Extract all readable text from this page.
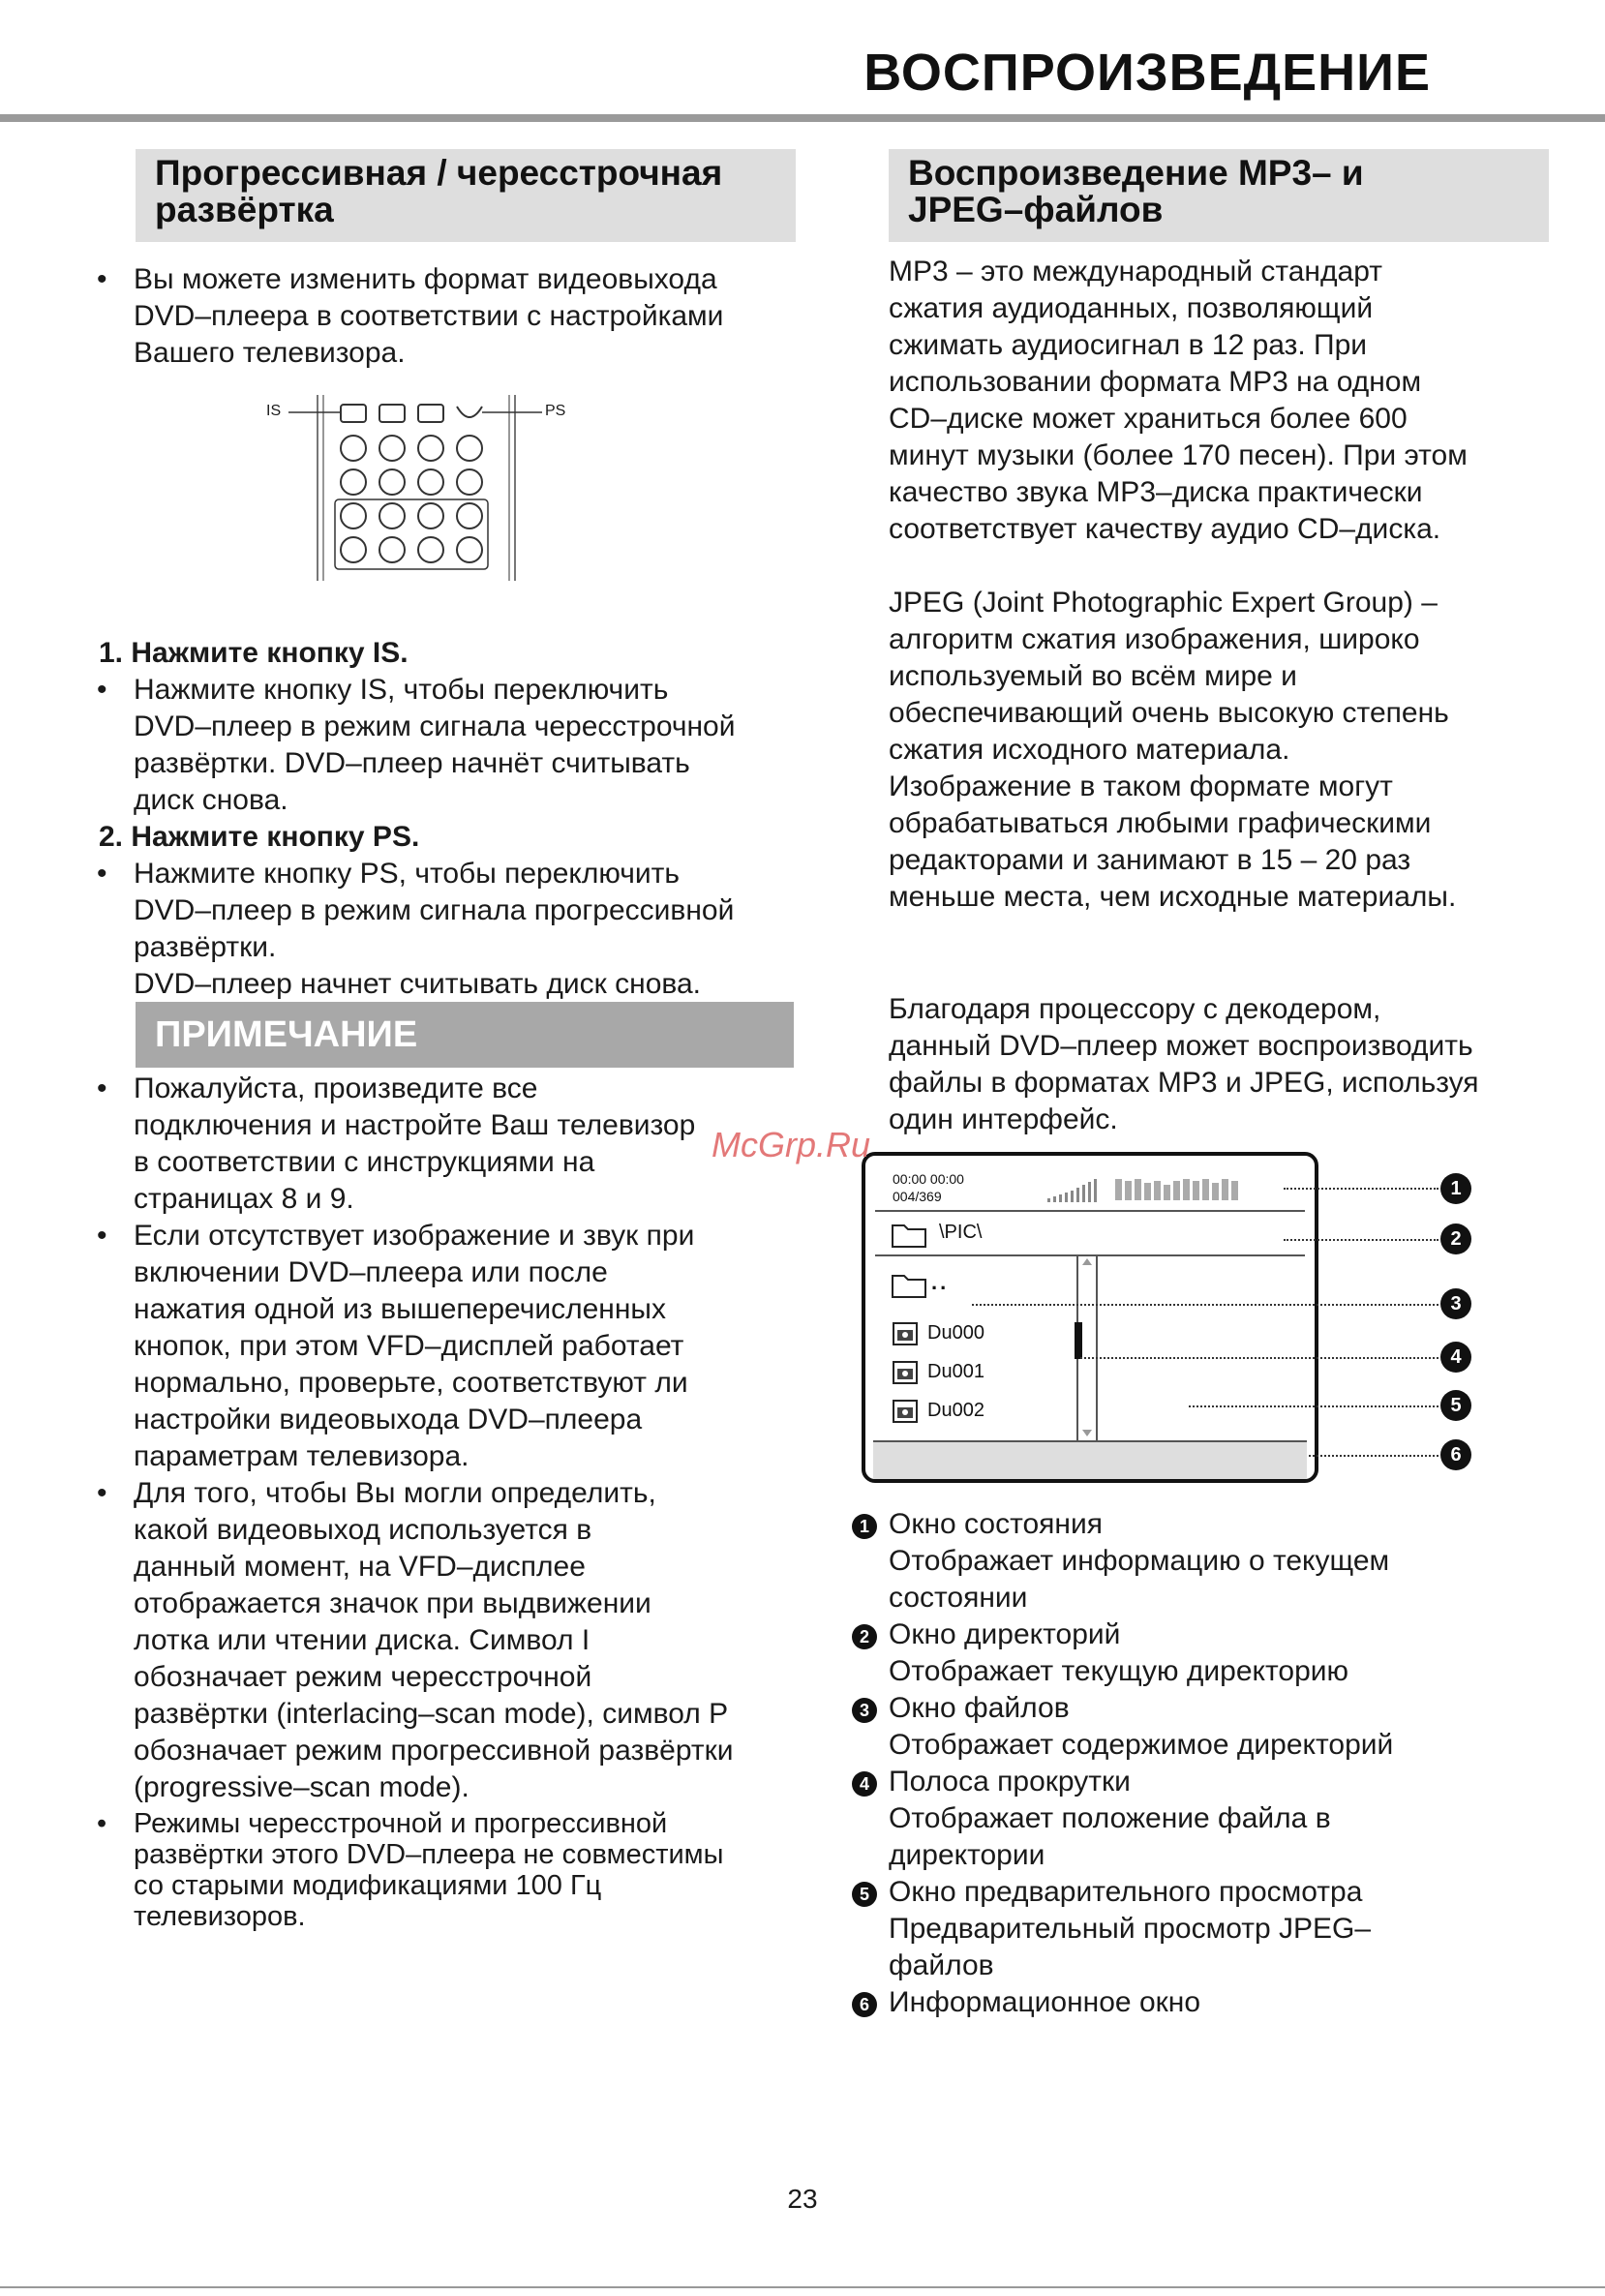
ВОСПРОИЗВЕДЕНИЕ
Прогрессивная / чересстрочная
развёртка
• Вы можете изменить формат видеовыхода
DVD–плеера в соответствии с настройками
Вашего телевизора.
IS	PS
1. Нажмите кнопку IS.
• Нажмите кнопку IS, чтобы переключить
DVD–плеер в режим сигнала чересстрочной
развёртки. DVD–плеер начнёт считывать
диск снова.
2. Нажмите кнопку PS.
• Нажмите кнопку PS, чтобы переключить
DVD–плеер в режим сигнала прогрессивной
развёртки.
DVD–плеер начнет считывать диск снова.
ПРИМЕЧАНИЕ
• Пожалуйста, произведите все
подключения и настройте Ваш телевизор
в соответствии с инструкциями на
страницах 8 и 9.
• Если отсутствует изображение и звук при
включении DVD–плеера или после
нажатия одной из вышеперечисленных
кнопок, при этом VFD–дисплей работает
нормально, проверьте, соответствуют ли
настройки видеовыхода DVD–плеера
параметрам телевизора.
• Для того, чтобы Вы могли определить,
какой видеовыход используется в
данный момент, на VFD–дисплее
отображается значок при выдвижении
лотка или чтении диска. Символ I
обозначает режим чересстрочной
развёртки (interlacing–scan mode), символ P
обозначает режим прогрессивной развёртки
(progressive–scan mode).
• Режимы чересстрочной и прогрессивной
развёртки этого DVD–плеера не совместимы
со старыми модификациями 100 Гц
телевизоров.
Воспроизведение MP3– и
JPEG–файлов
MP3 – это международный стандарт
сжатия аудиоданных, позволяющий
сжимать аудиосигнал в 12 раз. При
использовании формата MP3 на одном
CD–диске может храниться более 600
минут музыки (более 170 песен). При этом
качество звука MP3–диска практически
соответствует качеству аудио CD–диска.
JPEG (Joint Photographic Expert Group) –
алгоритм сжатия изображения, широко
используемый во всём мире и
обеспечивающий очень высокую степень
сжатия исходного материала.
Изображение в таком формате могут
обрабатываться любыми графическими
редакторами и занимают в 15 – 20 раз
меньше места, чем исходные материалы.
Благодаря процессору с декодером,
данный DVD–плеер может воспроизводить
файлы в форматах MP3 и JPEG, используя
один интерфейс.
00:00 00:00
004/369
\PIC\
..
Du000
Du001
Du002
1
2
3
4
5
6
1 Окно состояния
Отображает информацию о текущем
состоянии
2 Окно директорий
Отображает текущую директорию
3 Окно файлов
Отображает содержимое директорий
4 Полоса прокрутки
Отображает положение файла в
директории
5 Окно предварительного просмотра
Предварительный просмотр JPEG–
файлов
6 Информационное окно
McGrp.Ru
23
